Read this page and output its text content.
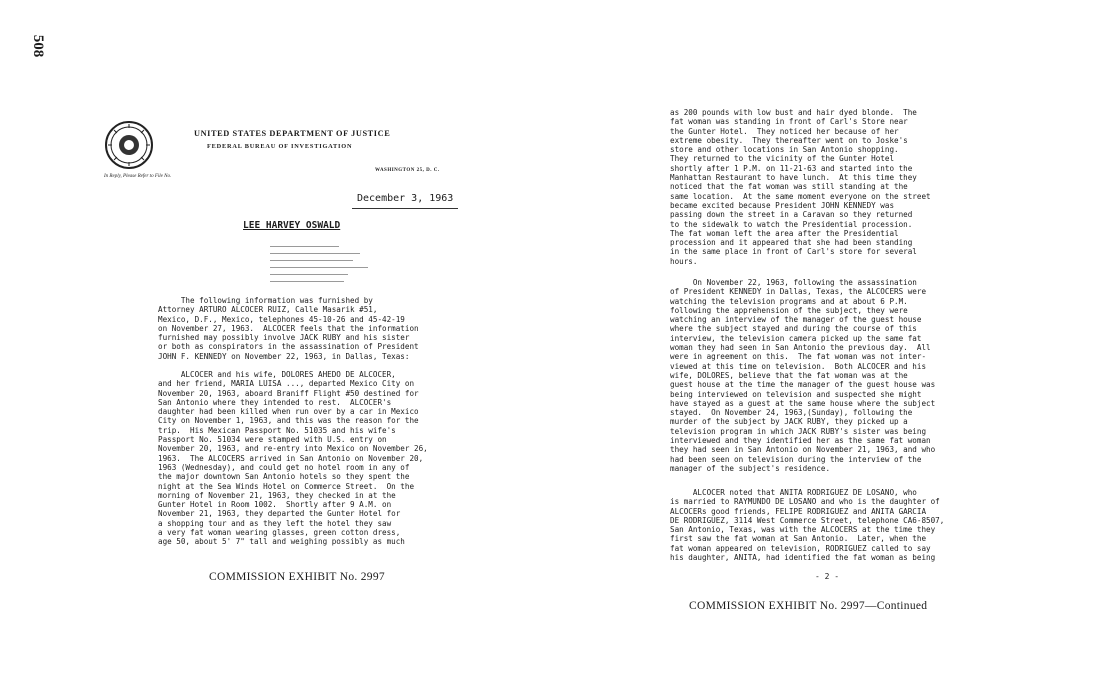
508
UNITED STATES DEPARTMENT OF JUSTICE
FEDERAL BUREAU OF INVESTIGATION
In Reply, Please Refer to File No.
WASHINGTON 25, D. C.
December 3, 1963
LEE HARVEY OSWALD
The following information was furnished by
Attorney ARTURO ALCOCER RUIZ, Calle Masarik #51,
Mexico, D.F., Mexico, telephones 45-10-26 and 45-42-19
on November 27, 1963.  ALCOCER feels that the information
furnished may possibly involve JACK RUBY and his sister
or both as conspirators in the assassination of President
JOHN F. KENNEDY on November 22, 1963, in Dallas, Texas:
ALCOCER and his wife, DOLORES AHEDO DE ALCOCER,
and her friend, MARIA LUISA ..., departed Mexico City on
November 20, 1963, aboard Braniff Flight #50 destined for
San Antonio where they intended to rest.  ALCOCER's
daughter had been killed when run over by a car in Mexico
City on November 1, 1963, and this was the reason for the
trip.  His Mexican Passport No. 51035 and his wife's
Passport No. 51034 were stamped with U.S. entry on
November 20, 1963, and re-entry into Mexico on November 26,
1963.  The ALCOCERS arrived in San Antonio on November 20,
1963 (Wednesday), and could get no hotel room in any of
the major downtown San Antonio hotels so they spent the
night at the Sea Winds Hotel on Commerce Street.  On the
morning of November 21, 1963, they checked in at the
Gunter Hotel in Room 1002.  Shortly after 9 A.M. on
November 21, 1963, they departed the Gunter Hotel for
a shopping tour and as they left the hotel they saw
a very fat woman wearing glasses, green cotton dress,
age 50, about 5' 7" tall and weighing possibly as much
COMMISSION EXHIBIT No. 2997
as 200 pounds with low bust and hair dyed blonde.  The
fat woman was standing in front of Carl's Store near
the Gunter Hotel.  They noticed her because of her
extreme obesity.  They thereafter went on to Joske's
store and other locations in San Antonio shopping.
They returned to the vicinity of the Gunter Hotel
shortly after 1 P.M. on 11-21-63 and started into the
Manhattan Restaurant to have lunch.  At this time they
noticed that the fat woman was still standing at the
same location.  At the same moment everyone on the street
became excited because President JOHN KENNEDY was
passing down the street in a Caravan so they returned
to the sidewalk to watch the Presidential procession.
The fat woman left the area after the Presidential
procession and it appeared that she had been standing
in the same place in front of Carl's store for several
hours.
On November 22, 1963, following the assassination
of President KENNEDY in Dallas, Texas, the ALCOCERS were
watching the television programs and at about 6 P.M.
following the apprehension of the subject, they were
watching an interview of the manager of the guest house
where the subject stayed and during the course of this
interview, the television camera picked up the same fat
woman they had seen in San Antonio the previous day.  All
were in agreement on this.  The fat woman was not inter-
viewed at this time on television.  Both ALCOCER and his
wife, DOLORES, believe that the fat woman was at the
guest house at the time the manager of the guest house was
being interviewed on television and suspected she might
have stayed as a guest at the same house where the subject
stayed.  On November 24, 1963,(Sunday), following the
murder of the subject by JACK RUBY, they picked up a
television program in which JACK RUBY's sister was being
interviewed and they identified her as the same fat woman
they had seen in San Antonio on November 21, 1963, and who
had been seen on television during the interview of the
manager of the subject's residence.
ALCOCER noted that ANITA RODRIGUEZ DE LOSANO, who
is married to RAYMUNDO DE LOSANO and who is the daughter of
ALCOCERs good friends, FELIPE RODRIGUEZ and ANITA GARCIA
DE RODRIGUEZ, 3114 West Commerce Street, telephone CA6-8507,
San Antonio, Texas, was with the ALCOCERS at the time they
first saw the fat woman at San Antonio.  Later, when the
fat woman appeared on television, RODRIGUEZ called to say
his daughter, ANITA, had identified the fat woman as being
- 2 -
COMMISSION EXHIBIT No. 2997—Continued
